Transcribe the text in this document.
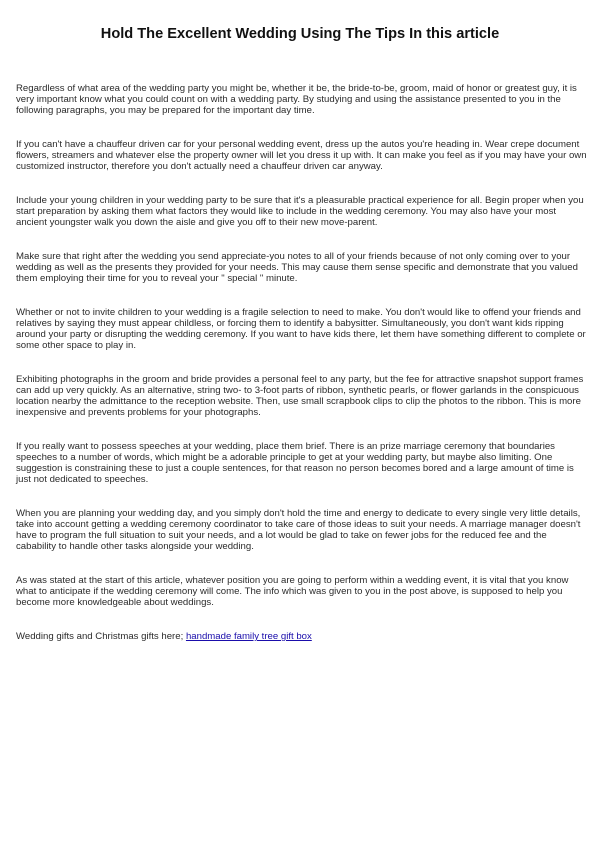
Hold The Excellent Wedding Using The Tips In this article

Regardless of what area of the wedding party you might be, whether it be, the bride-to-be, groom, maid of honor or greatest guy, it is very important know what you could count on with a wedding party. By studying and using the assistance presented to you in the following paragraphs, you may be prepared for the important day time.

If you can't have a chauffeur driven car for your personal wedding event, dress up the autos you're heading in. Wear crepe document flowers, streamers and whatever else the property owner will let you dress it up with. It can make you feel as if you may have your own customized instructor, therefore you don't actually need a chauffeur driven car anyway.

Include your young children in your wedding party to be sure that it's a pleasurable practical experience for all. Begin proper when you start preparation by asking them what factors they would like to include in the wedding ceremony. You may also have your most ancient youngster walk you down the aisle and give you off to their new move-parent.

Make sure that right after the wedding you send appreciate-you notes to all of your friends because of not only coming over to your wedding as well as the presents they provided for your needs. This may cause them sense specific and demonstrate that you valued them employing their time for you to reveal your " special " minute.

Whether or not to invite children to your wedding is a fragile selection to need to make. You don't would like to offend your friends and relatives by saying they must appear childless, or forcing them to identify a babysitter. Simultaneously, you don't want kids ripping around your party or disrupting the wedding ceremony. If you want to have kids there, let them have something different to complete or some other space to play in.

Exhibiting photographs in the groom and bride provides a personal feel to any party, but the fee for attractive snapshot support frames can add up very quickly. As an alternative, string two- to 3-foot parts of ribbon, synthetic pearls, or flower garlands in the conspicuous location nearby the admittance to the reception website. Then, use small scrapbook clips to clip the photos to the ribbon. This is more inexpensive and prevents problems for your photographs.

If you really want to possess speeches at your wedding, place them brief. There is an prize marriage ceremony that boundaries speeches to a number of words, which might be a adorable principle to get at your wedding party, but maybe also limiting. One suggestion is constraining these to just a couple sentences, for that reason no person becomes bored and a large amount of time is just not dedicated to speeches.

When you are planning your wedding day, and you simply don't hold the time and energy to dedicate to every single very little details, take into account getting a wedding ceremony coordinator to take care of those ideas to suit your needs. A marriage manager doesn't have to program the full situation to suit your needs, and a lot would be glad to take on fewer jobs for the reduced fee and the cabability to handle other tasks alongside your wedding.

As was stated at the start of this article, whatever position you are going to perform within a wedding event, it is vital that you know what to anticipate if the wedding ceremony will come. The info which was given to you in the post above, is supposed to help you become more knowledgeable about weddings.

Wedding gifts and Christmas gifts here; handmade family tree gift box
